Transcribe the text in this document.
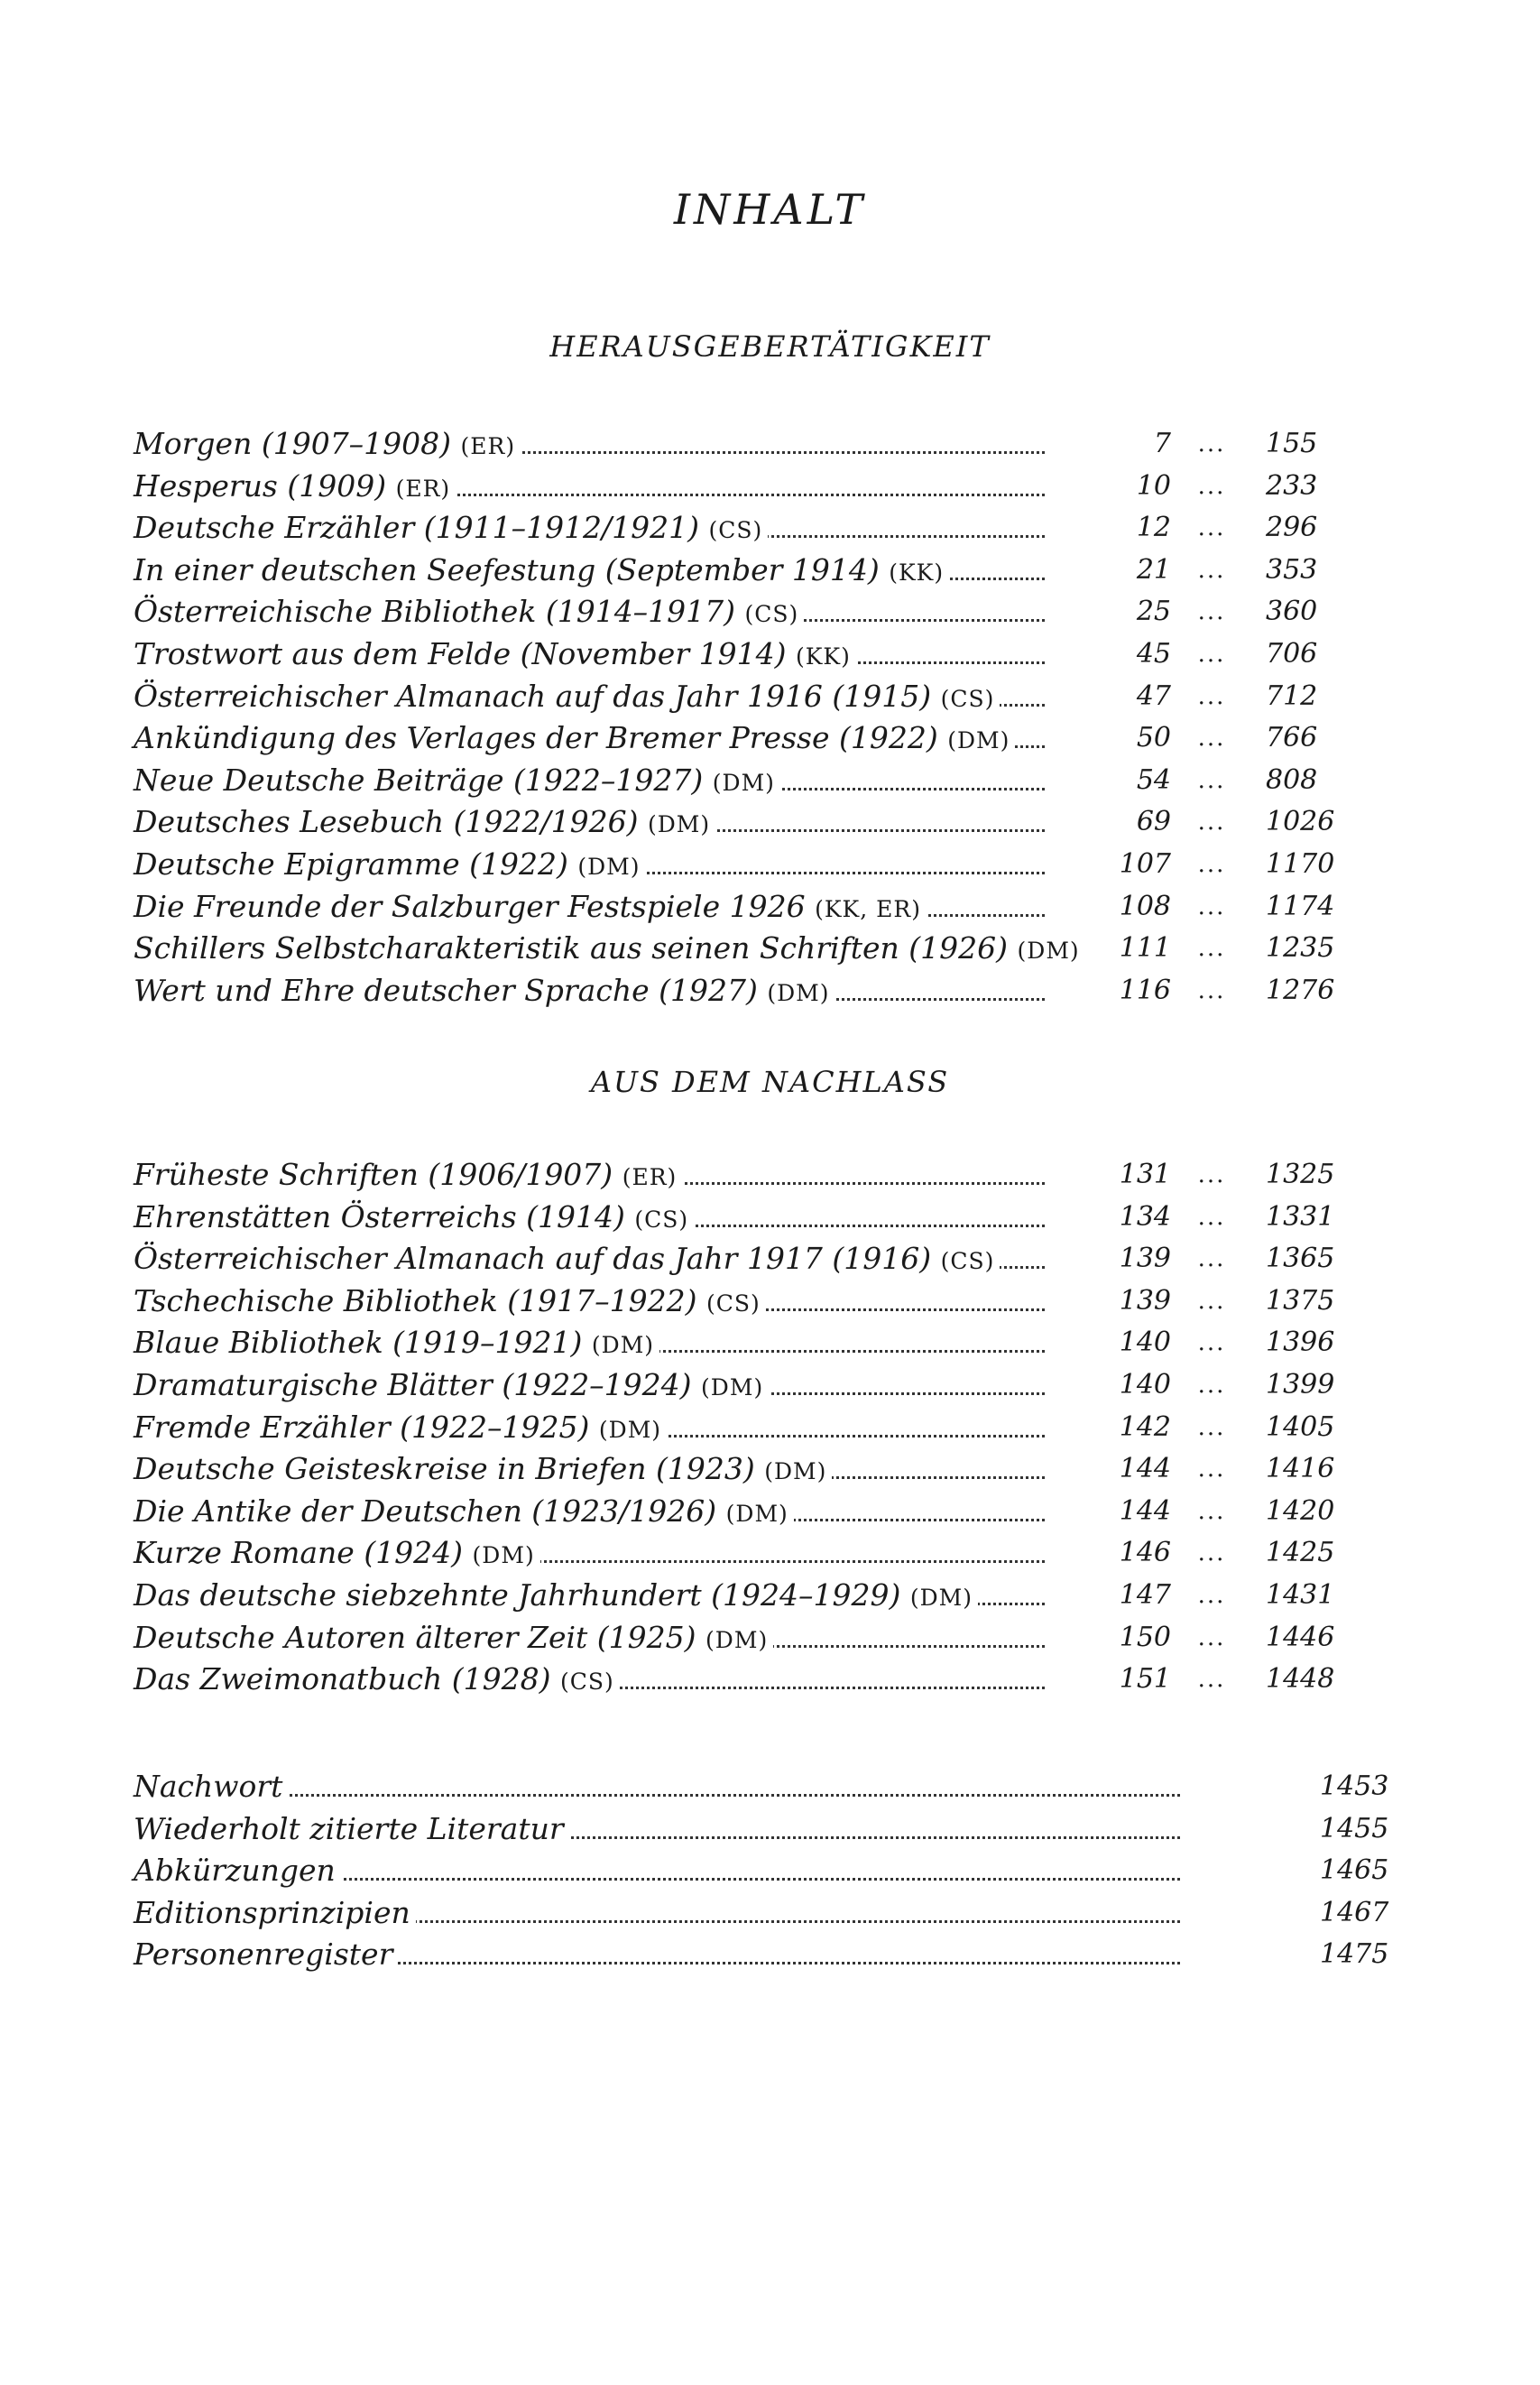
INHALT
HERAUSGEBERTÄTIGKEIT
Morgen (1907–1908) (ER)	7	...	155
Hesperus (1909) (ER)	10	...	233
Deutsche Erzähler (1911–1912/1921) (CS)	12	...	296
In einer deutschen Seefestung (September 1914) (KK)	21	...	353
Österreichische Bibliothek (1914–1917) (CS)	25	...	360
Trostwort aus dem Felde (November 1914) (KK)	45	...	706
Österreichischer Almanach auf das Jahr 1916 (1915) (CS)	47	...	712
Ankündigung des Verlages der Bremer Presse (1922) (DM)	50	...	766
Neue Deutsche Beiträge (1922–1927) (DM)	54	...	808
Deutsches Lesebuch (1922/1926) (DM)	69	...	1026
Deutsche Epigramme (1922) (DM)	107	...	1170
Die Freunde der Salzburger Festspiele 1926 (KK, ER)	108	...	1174
Schillers Selbstcharakteristik aus seinen Schriften (1926) (DM)	111	...	1235
Wert und Ehre deutscher Sprache (1927) (DM)	116	...	1276
AUS DEM NACHLASS
Früheste Schriften (1906/1907) (ER)	131	...	1325
Ehrenstätten Österreichs (1914) (CS)	134	...	1331
Österreichischer Almanach auf das Jahr 1917 (1916) (CS)	139	...	1365
Tschechische Bibliothek (1917–1922) (CS)	139	...	1375
Blaue Bibliothek (1919–1921) (DM)	140	...	1396
Dramaturgische Blätter (1922–1924) (DM)	140	...	1399
Fremde Erzähler (1922–1925) (DM)	142	...	1405
Deutsche Geisteskreise in Briefen (1923) (DM)	144	...	1416
Die Antike der Deutschen (1923/1926) (DM)	144	...	1420
Kurze Romane (1924) (DM)	146	...	1425
Das deutsche siebzehnte Jahrhundert (1924–1929) (DM)	147	...	1431
Deutsche Autoren älterer Zeit (1925) (DM)	150	...	1446
Das Zweimonatbuch (1928) (CS)	151	...	1448
Nachwort	1453
Wiederholt zitierte Literatur	1455
Abkürzungen	1465
Editionsprinzipien	1467
Personenregister	1475
